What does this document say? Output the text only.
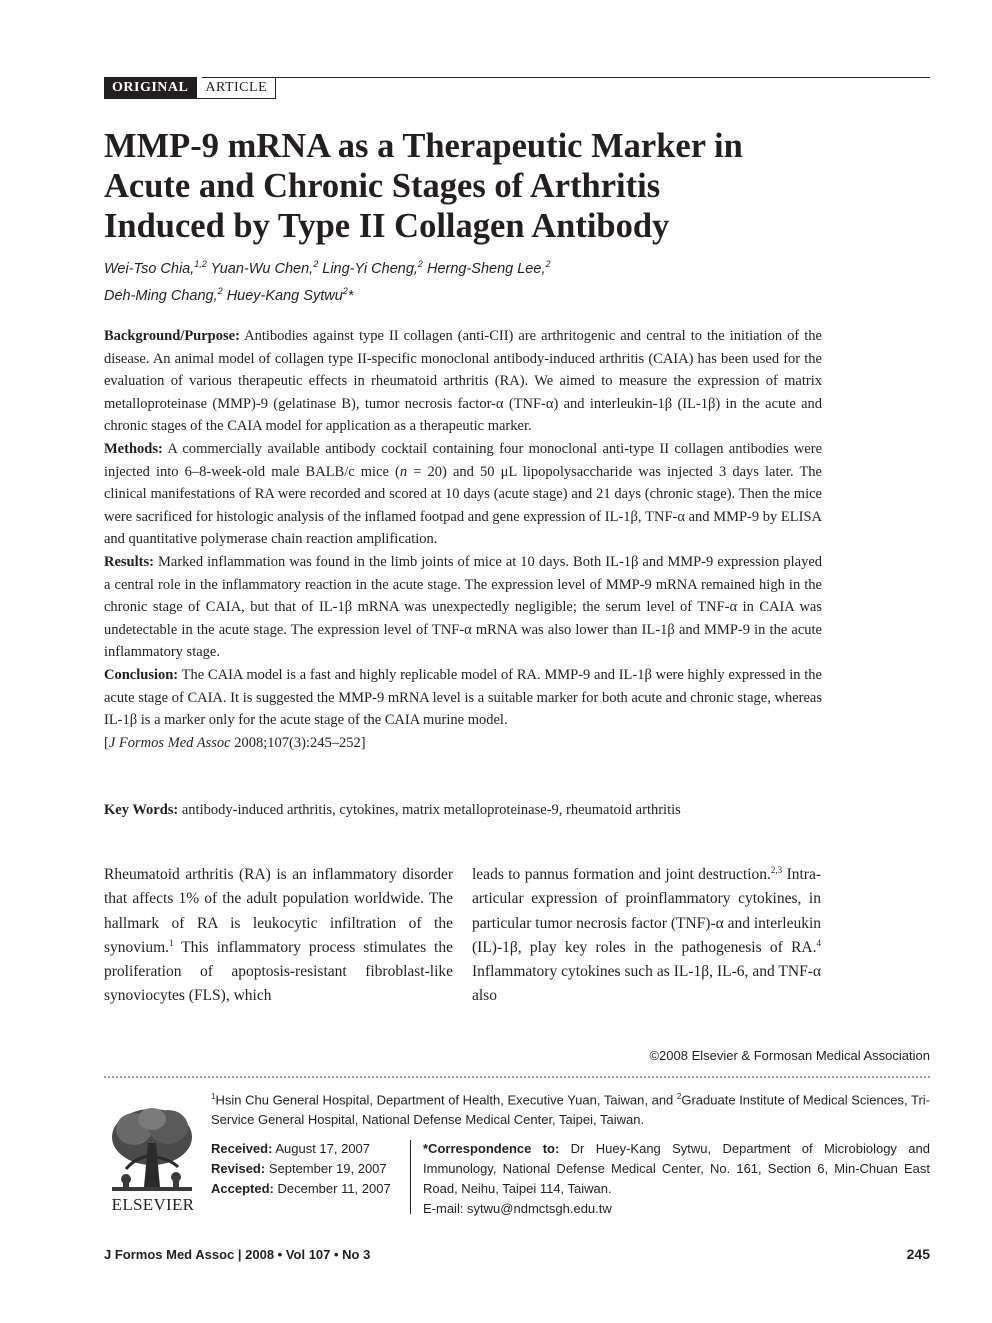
ORIGINAL	ARTICLE
MMP-9 mRNA as a Therapeutic Marker in
Acute and Chronic Stages of Arthritis
Induced by Type II Collagen Antibody
Wei-Tso Chia,$^{1,2}$ Yuan-Wu Chen,$^2$ Ling-Yi Cheng,$^2$ Herng-Sheng Lee,$^2$
Deh-Ming Chang,$^2$ Huey-Kang Sytwu$^2$*

Background/Purpose: Antibodies against type II collagen (anti-CII) are arthritogenic and central to the initiation of the disease. An animal model of collagen type II-specific monoclonal antibody-induced arthritis (CAIA) has been used for the evaluation of various therapeutic effects in rheumatoid arthritis (RA). We aimed to measure the expression of matrix metalloproteinase (MMP)-9 (gelatinase B), tumor necrosis factor-α (TNF-α) and interleukin-1β (IL-1β) in the acute and chronic stages of the CAIA model for application as a therapeutic marker.

Methods: A commercially available antibody cocktail containing four monoclonal anti-type II collagen antibodies were injected into 6–8-week-old male BALB/c mice (n = 20) and 50 μL lipopolysaccharide was injected 3 days later. The clinical manifestations of RA were recorded and scored at 10 days (acute stage) and 21 days (chronic stage). Then the mice were sacrificed for histologic analysis of the inflamed footpad and gene expression of IL-1β, TNF-α and MMP-9 by ELISA and quantitative polymerase chain reaction amplification.

Results: Marked inflammation was found in the limb joints of mice at 10 days. Both IL-1β and MMP-9 expression played a central role in the inflammatory reaction in the acute stage. The expression level of MMP-9 mRNA remained high in the chronic stage of CAIA, but that of IL-1β mRNA was unexpectedly negligible; the serum level of TNF-α in CAIA was undetectable in the acute stage. The expression level of TNF-α mRNA was also lower than IL-1β and MMP-9 in the acute inflammatory stage.

Conclusion: The CAIA model is a fast and highly replicable model of RA. MMP-9 and IL-1β were highly expressed in the acute stage of CAIA. It is suggested the MMP-9 mRNA level is a suitable marker for both acute and chronic stage, whereas IL-1β is a marker only for the acute stage of the CAIA murine model.
[J Formos Med Assoc 2008;107(3):245–252]

Key Words: antibody-induced arthritis, cytokines, matrix metalloproteinase-9, rheumatoid arthritis
Rheumatoid arthritis (RA) is an inflammatory disorder that affects 1% of the adult population worldwide. The hallmark of RA is leukocytic infiltration of the synovium.$^1$ This inflammatory process stimulates the proliferation of apoptosis-resistant fibroblast-like synoviocytes (FLS), which
leads to pannus formation and joint destruction.$^{2,3}$ Intra-articular expression of proinflammatory cytokines, in particular tumor necrosis factor (TNF)-α and interleukin (IL)-1β, play key roles in the pathogenesis of RA.$^4$ Inflammatory cytokines such as IL-1β, IL-6, and TNF-α also
©2008 Elsevier & Formosan Medical Association
ELSEVIER
$^1$Hsin Chu General Hospital, Department of Health, Executive Yuan, Taiwan, and $^2$Graduate Institute of Medical Sciences, Tri-Service General Hospital, National Defense Medical Center, Taipei, Taiwan.
Received: August 17, 2007
Revised: September 19, 2007
Accepted: December 11, 2007
*Correspondence to: Dr Huey-Kang Sytwu, Department of Microbiology and Immunology, National Defense Medical Center, No. 161, Section 6, Min-Chuan East Road, Neihu, Taipei 114, Taiwan.
E-mail: sytwu@ndmctsgh.edu.tw
J Formos Med Assoc | 2008 • Vol 107 • No 3	245
